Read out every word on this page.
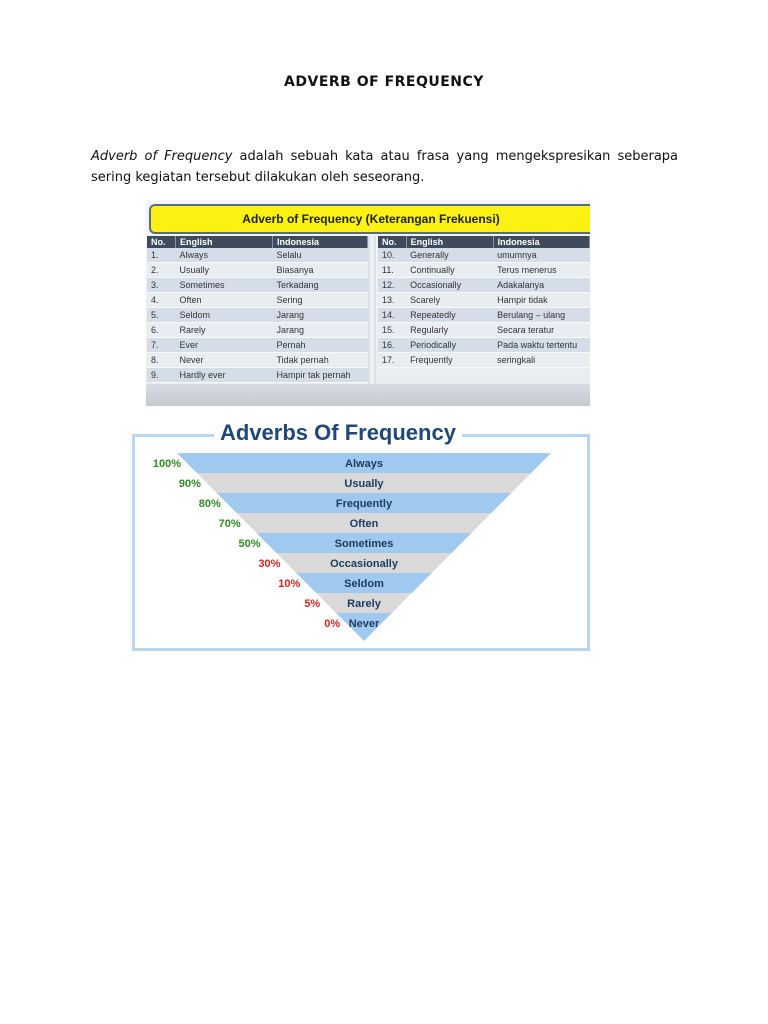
ADVERB OF FREQUENCY
Adverb of Frequency adalah sebuah kata atau frasa yang mengekspresikan seberapa sering kegiatan tersebut dilakukan oleh seseorang.
Adverb of Frequency (Keterangan Frekuensi)
No.	English	Indonesia
1.	Always	Selalu
2.	Usually	Biasanya
3.	Sometimes	Terkadang
4.	Often	Sering
5.	Seldom	Jarang
6.	Rarely	Jarang
7.	Ever	Pernah
8.	Never	Tidak pernah
9.	Hardly ever	Hampir tak pernah
No.	English	Indonesia
10.	Generally	umumnya
11.	Continually	Terus menerus
12.	Occasionally	Adakalanya
13.	Scarely	Hampir tidak
14.	Repeatedly	Berulang – ulang
15.	Regularly	Secara teratur
16.	Periodically	Pada waktu tertentu
17.	Frequently	seringkali
Always
100%
Usually
90%
Frequently
80%
Often
70%
Sometimes
50%
Occasionally
30%
Seldom
10%
Rarely
5%
Never
0%
Adverbs Of Frequency
